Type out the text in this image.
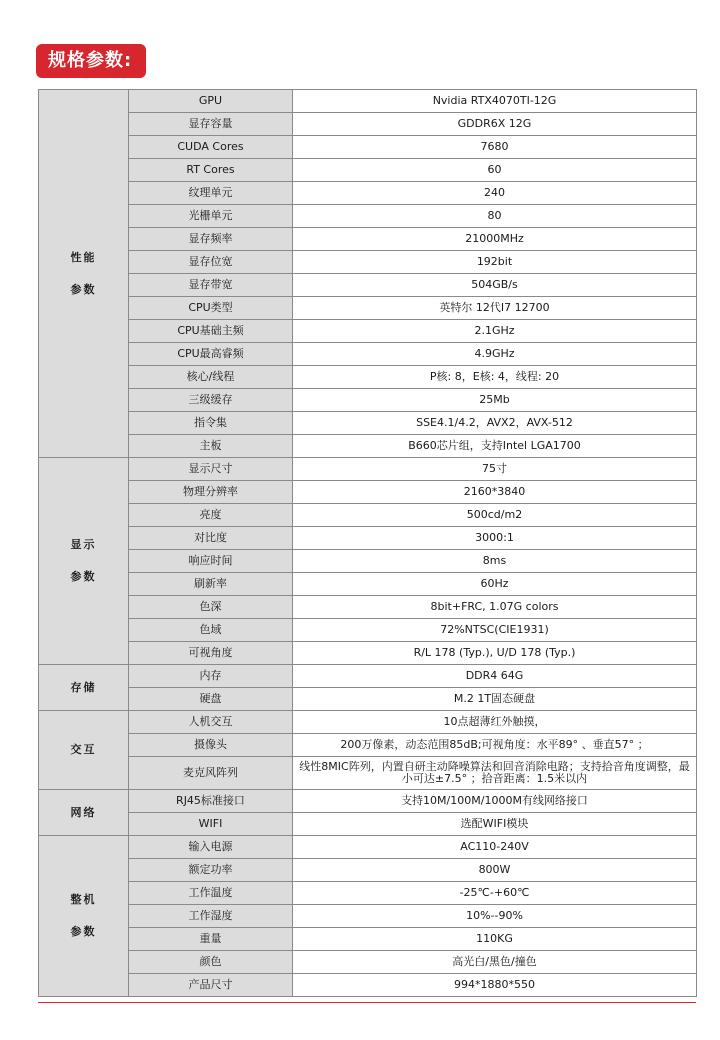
规格参数:
性能
参数	GPU	Nvidia RTX4070TI-12G
	显存容量	GDDR6X 12G
	CUDA Cores	7680
	RT Cores	60
	纹理单元	240
	光栅单元	80
	显存频率	21000MHz
	显存位宽	192bit
	显存带宽	504GB/s
	CPU类型	英特尔 12代I7 12700
	CPU基础主频	2.1GHz
	CPU最高睿频	4.9GHz
	核心/线程	P核: 8，E核: 4，线程: 20
	三级缓存	25Mb
	指令集	SSE4.1/4.2，AVX2，AVX-512
	主板	B660芯片组，支持Intel LGA1700

显示
参数	显示尺寸	75寸
	物理分辨率	2160*3840
	亮度	500cd/m2
	对比度	3000:1
	响应时间	8ms
	刷新率	60Hz
	色深	8bit+FRC, 1.07G colors
	色域	72%NTSC(CIE1931)
	可视角度	R/L 178 (Typ.), U/D 178 (Typ.)

存储	内存	DDR4 64G
	硬盘	M.2 1T固态硬盘

交互	人机交互	10点超薄红外触摸，
	摄像头	200万像素，动态范围85dB;可视角度：水平89° 、垂直57° ；
	麦克风阵列	线性8MIC阵列，内置自研主动降噪算法和回音消除电路；支持拾音角度调整，最小可达±7.5° ；拾音距离：1.5米以内

网络	RJ45标准接口	支持10M/100M/1000M有线网络接口
	WIFI	选配WIFI模块

整机
参数	输入电源	AC110-240V
	额定功率	800W
	工作温度	-25℃-+60℃
	工作湿度	10%--90%
	重量	110KG
	颜色	高光白/黑色/撞色
	产品尺寸	994*1880*550
